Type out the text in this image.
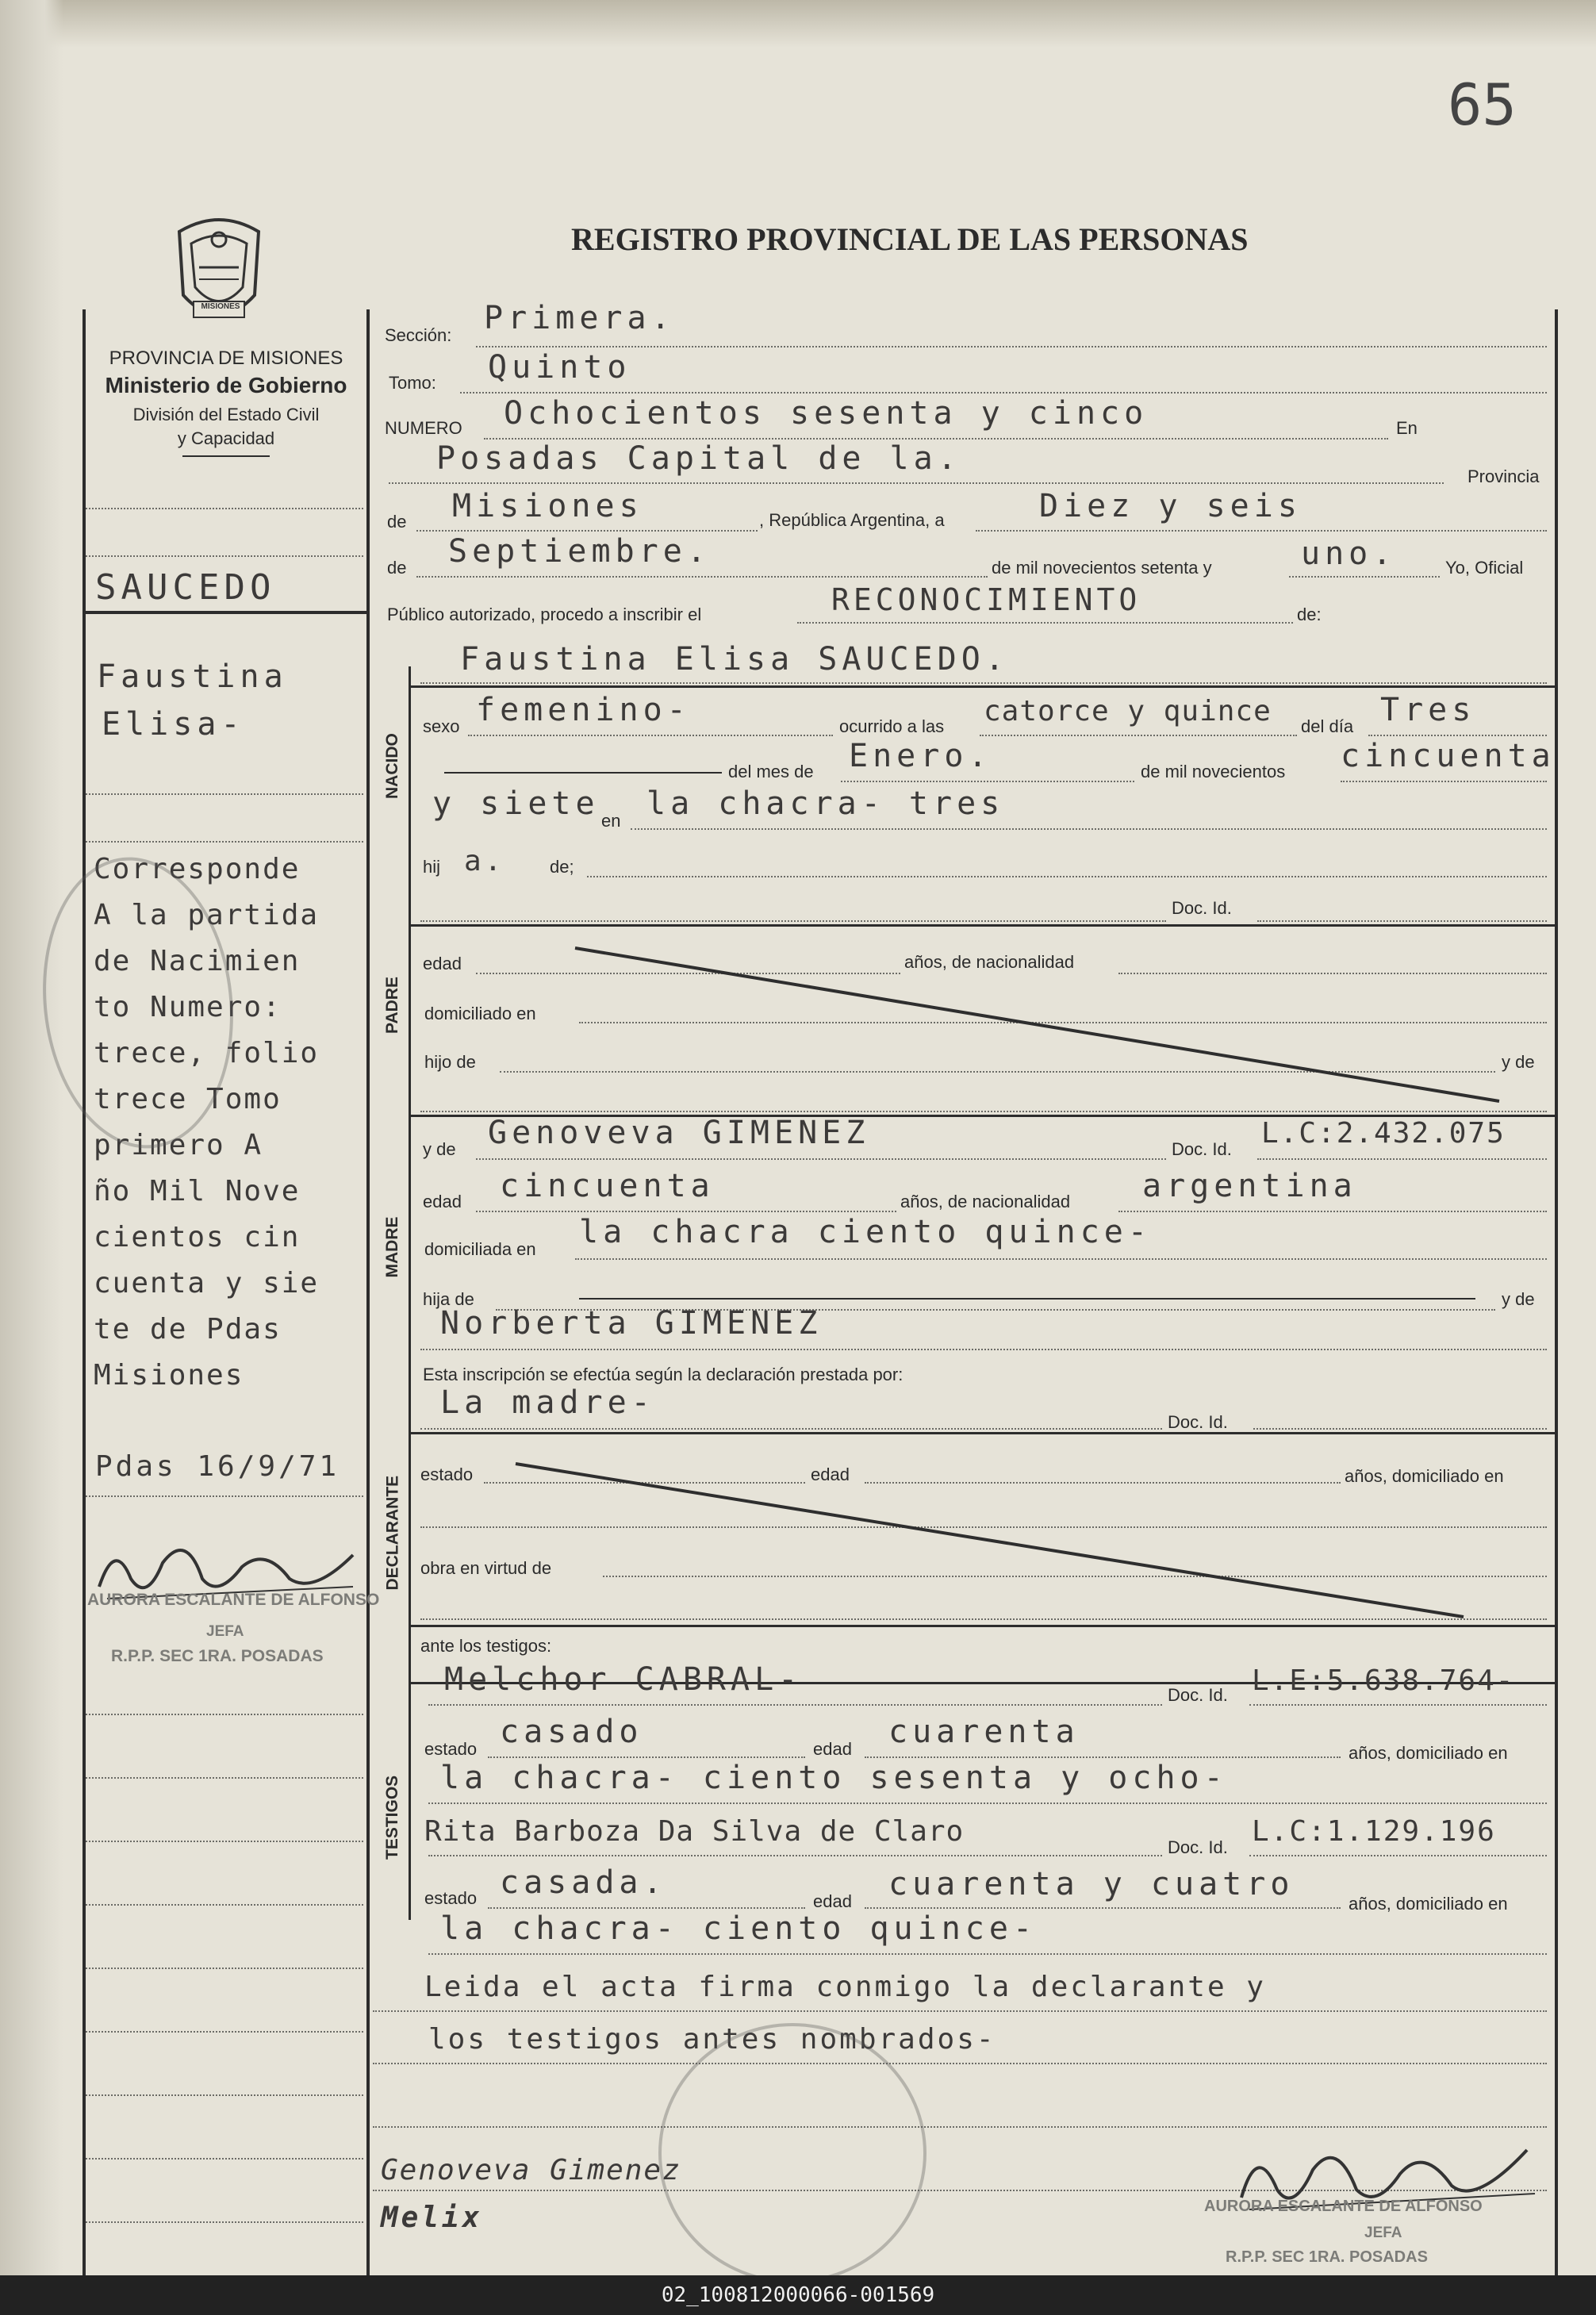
65
MISIONES
PROVINCIA DE MISIONES
Ministerio de Gobierno
División del Estado Civil
y Capacidad
REGISTRO PROVINCIAL DE LAS PERSONAS
NACIDO
PADRE
MADRE
DECLARANTE
TESTIGOS
SAUCEDO
Faustina
Elisa-
Corresponde
A la partida
de Nacimien
to Numero:
trece, folio
trece Tomo
primero A
ño Mil Nove
cientos cin
cuenta y sie
te de Pdas
Misiones
Pdas 16/9/71
AURORA ESCALANTE DE ALFONSO
JEFA
R.P.P. SEC 1RA. POSADAS
Sección: Primera.
Tomo: Quinto
NUMERO	En
Ochocientos sesenta y cinco
Provincia
Posadas Capital de la.
de	, República Argentina, a
Misiones	Diez y seis
de	de mil novecientos setenta y	Yo, Oficial
Septiembre.	uno.
Público autorizado, procedo a inscribir el	de:
RECONOCIMIENTO
Faustina Elisa SAUCEDO.
sexo	ocurrido a las	del día
femenino-	catorce y quince	Tres
del mes de	de mil novecientos
Enero.	cincuenta
y siete en la chacra- tres
hij	de;
a.
Doc. Id.
edad	años, de nacionalidad
domiciliado en
hijo de	y de
y de	Doc. Id.
Genoveva GIMENEZ	L.C:2.432.075
edad	años, de nacionalidad
cincuenta	argentina
domiciliada en la chacra ciento quince-
hija de	y de
Norberta GIMENEZ
Esta inscripción se efectúa según la declaración prestada por:
Doc. Id.
La madre-
estado	edad	años, domiciliado en
obra en virtud de
ante los testigos:
Doc. Id.
Melchor CABRAL-	L.E:5.638.764-
estado	edad	años, domiciliado en
casado	cuarenta
la chacra- ciento sesenta y ocho-
Doc. Id.
Rita Barboza Da Silva de Claro	L.C:1.129.196
estado	edad	años, domiciliado en
casada.	cuarenta y cuatro
la chacra- ciento quince-
Leida el acta firma conmigo la declarante y
los testigos antes nombrados-
Genoveva Gimenez
Melix	AURORA ESCALANTE DE ALFONSO
JEFA
R.P.P. SEC 1RA. POSADAS
02_100812000066-001569
